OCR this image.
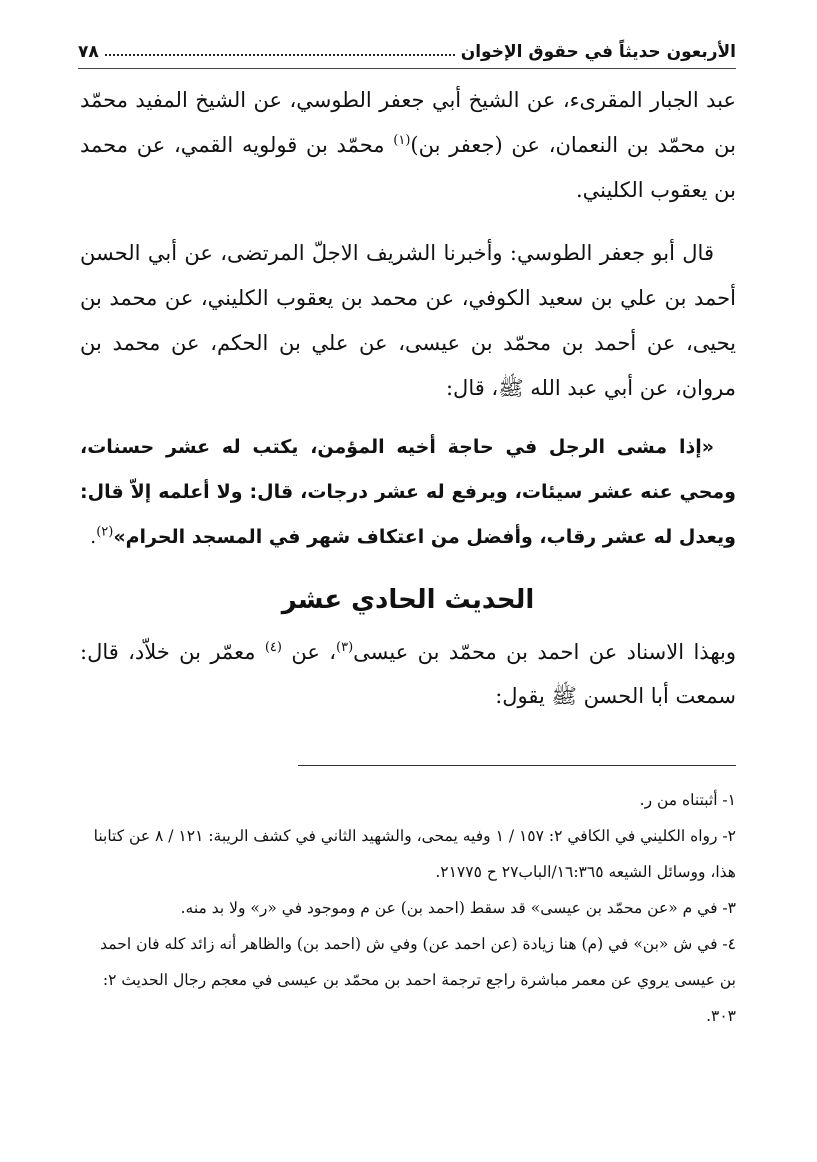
الأربعون حديثاً في حقوق الإخوان
٧٨

عبد الجبار المقرىء، عن الشيخ أبي جعفر الطوسي، عن الشيخ المفيد محمّد بن محمّد بن النعمان، عن (جعفر بن)$^{(١)}$ محمّد بن قولويه القمي، عن محمد بن يعقوب الكليني.

قال أبو جعفر الطوسي: وأخبرنا الشريف الاجلّ المرتضى، عن أبي الحسن أحمد بن علي بن سعيد الكوفي، عن محمد بن يعقوب الكليني، عن محمد بن يحيى، عن أحمد بن محمّد بن عيسى، عن علي بن الحكم، عن محمد بن مروان، عن أبي عبد الله ﷺ، قال:

«إذا مشى الرجل في حاجة أخيه المؤمن، يكتب له عشر حسنات، ومحي عنه عشر سيئات، ويرفع له عشر درجات، قال: ولا أعلمه إلاّ قال: ويعدل له عشر رقاب، وأفضل من اعتكاف شهر في المسجد الحرام»$^{(٢)}$.

الحديث الحادي عشر

وبهذا الاسناد عن احمد بن محمّد بن عيسى$^{(٣)}$، عن $^{(٤)}$ معمّر بن خلاّد، قال: سمعت أبا الحسن ﷺ يقول:

١- أثبتناه من ر.

٢- رواه الكليني في الكافي ٢: ١٥٧ / ١ وفيه يمحى، والشهيد الثاني في كشف الريبة: ١٢١ / ٨ عن كتابنا هذا، ووسائل الشيعه ١٦:٣٦٥/الباب٢٧ ح ٢١٧٧٥.

٣- في م «عن محمّد بن عيسى» قد سقط (احمد بن) عن م وموجود في «ر» ولا بد منه.

٤- في ش «بن» في (م) هنا زيادة (عن احمد عن) وفي ش (احمد بن) والظاهر أنه زائد كله فان احمد بن عيسى يروي عن معمر مباشرة راجع ترجمة احمد بن محمّد بن عيسى في معجم رجال الحديث ٢: ٣٠٣.
